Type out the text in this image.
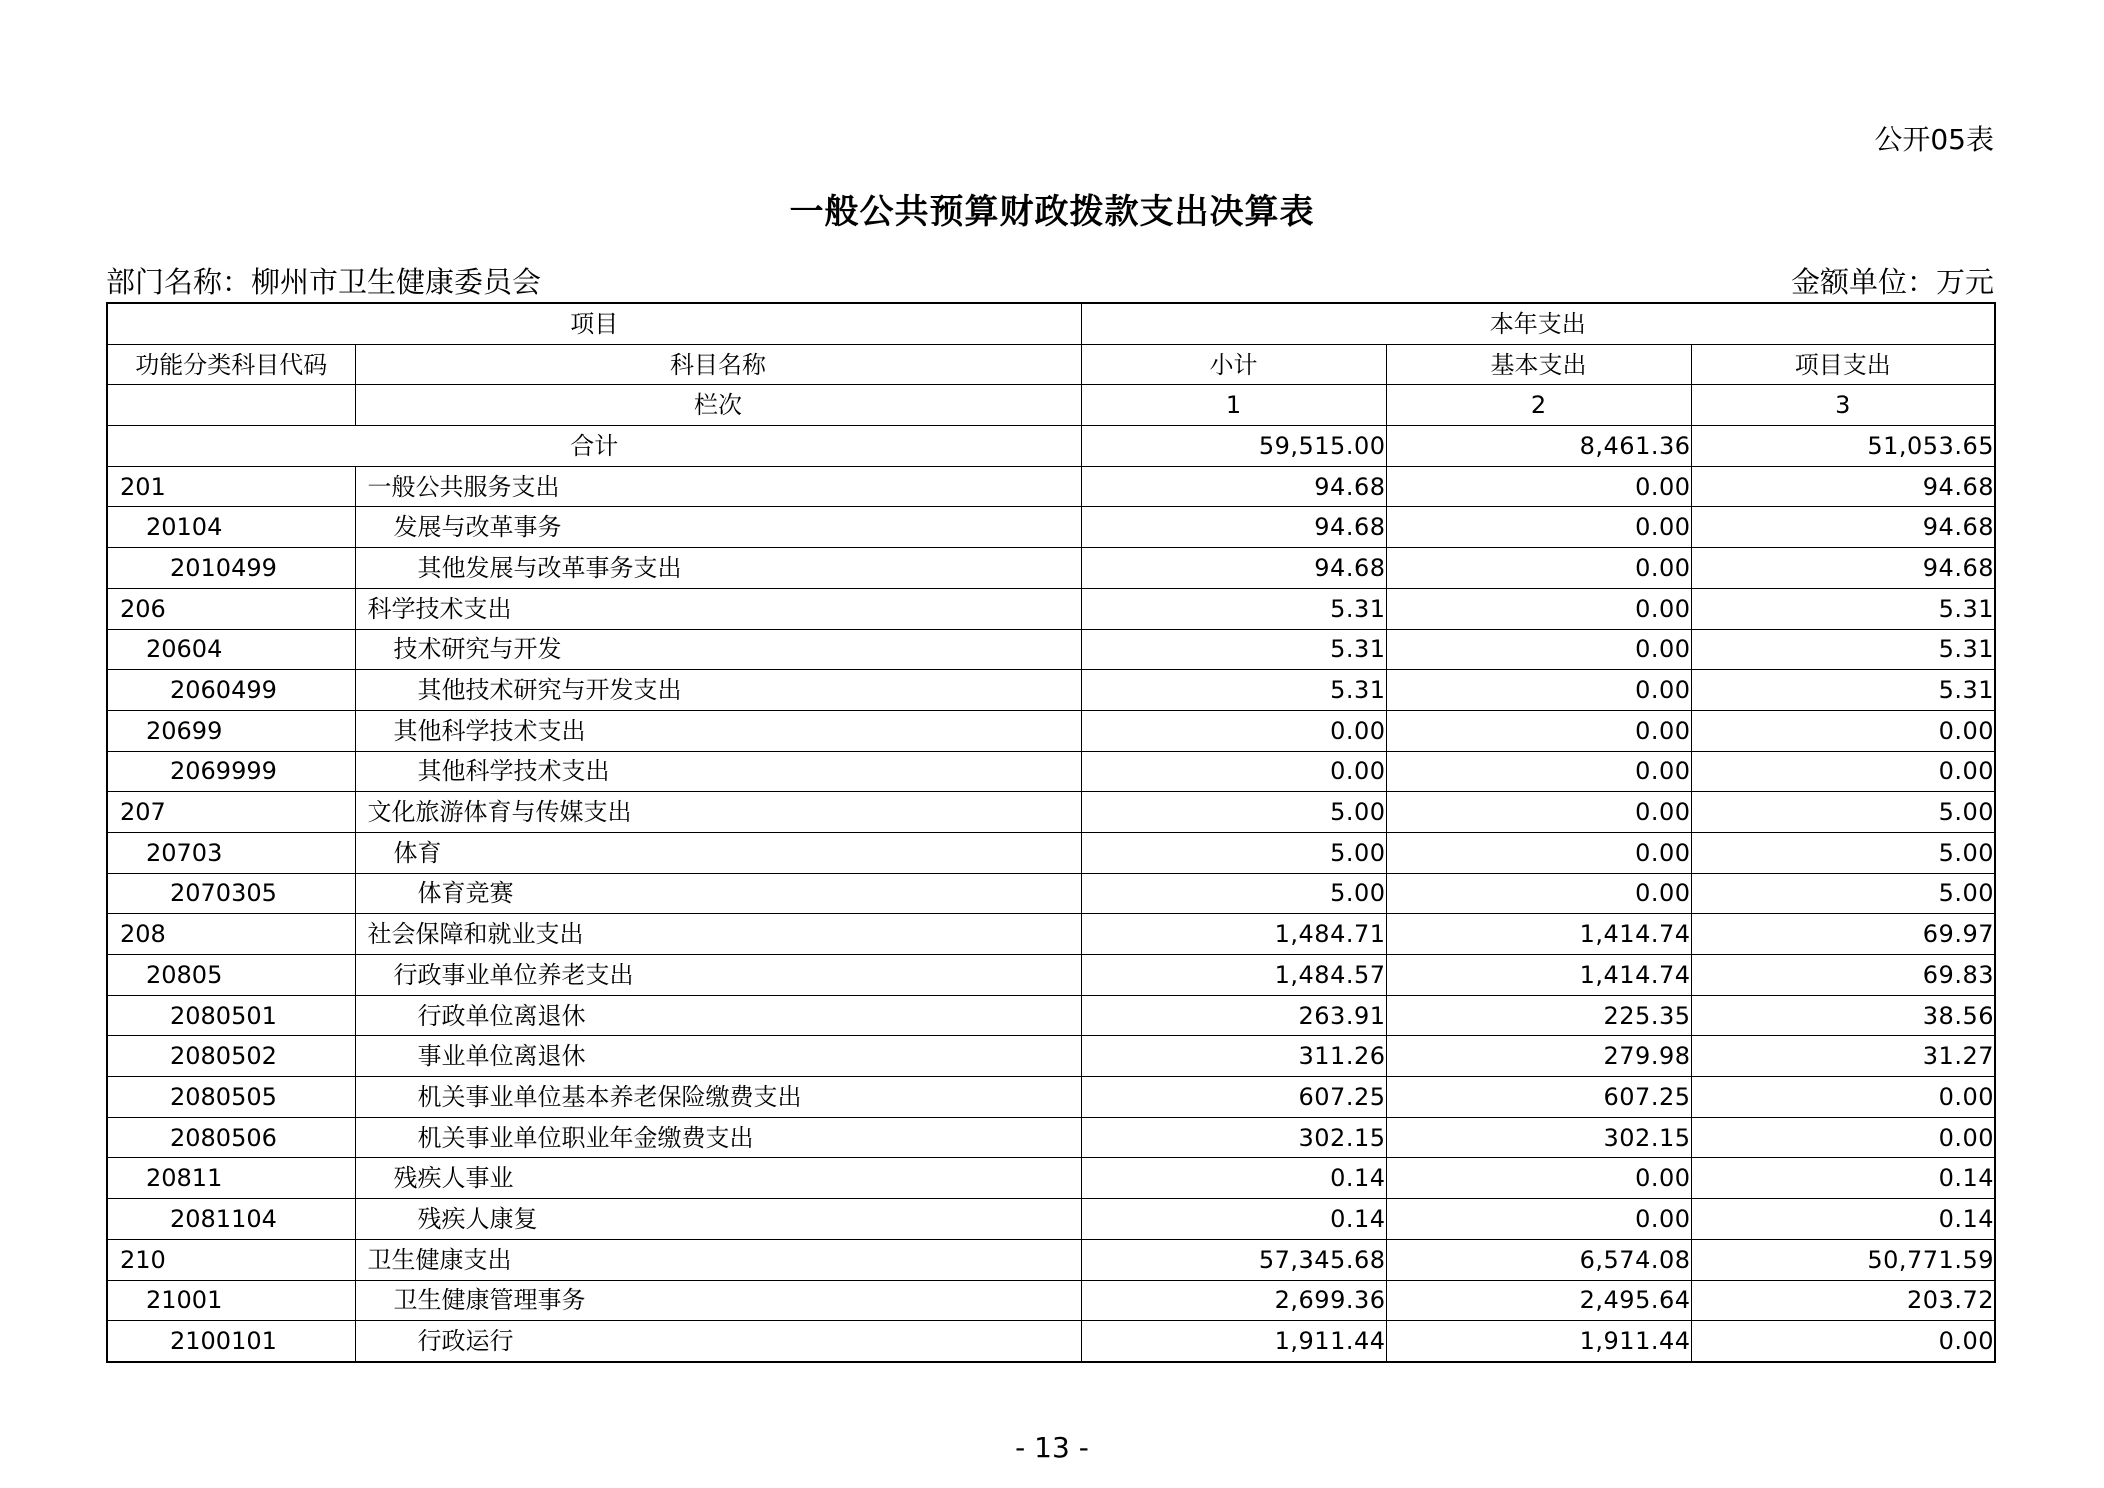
公开05表
一般公共预算财政拨款支出决算表
部门名称：柳州市卫生健康委员会	金额单位：万元
项目		本年支出		
功能分类科目代码	科目名称	小计	基本支出	项目支出
	栏次	1	2	3
合计		59,515.00	8,461.36	51,053.65
201	一般公共服务支出	94.68	0.00	94.68
20104	发展与改革事务	94.68	0.00	94.68
2010499	其他发展与改革事务支出	94.68	0.00	94.68
206	科学技术支出	5.31	0.00	5.31
20604	技术研究与开发	5.31	0.00	5.31
2060499	其他技术研究与开发支出	5.31	0.00	5.31
20699	其他科学技术支出	0.00	0.00	0.00
2069999	其他科学技术支出	0.00	0.00	0.00
207	文化旅游体育与传媒支出	5.00	0.00	5.00
20703	体育	5.00	0.00	5.00
2070305	体育竞赛	5.00	0.00	5.00
208	社会保障和就业支出	1,484.71	1,414.74	69.97
20805	行政事业单位养老支出	1,484.57	1,414.74	69.83
2080501	行政单位离退休	263.91	225.35	38.56
2080502	事业单位离退休	311.26	279.98	31.27
2080505	机关事业单位基本养老保险缴费支出	607.25	607.25	0.00
2080506	机关事业单位职业年金缴费支出	302.15	302.15	0.00
20811	残疾人事业	0.14	0.00	0.14
2081104	残疾人康复	0.14	0.00	0.14
210	卫生健康支出	57,345.68	6,574.08	50,771.59
21001	卫生健康管理事务	2,699.36	2,495.64	203.72
2100101	行政运行	1,911.44	1,911.44	0.00
- 13 -
